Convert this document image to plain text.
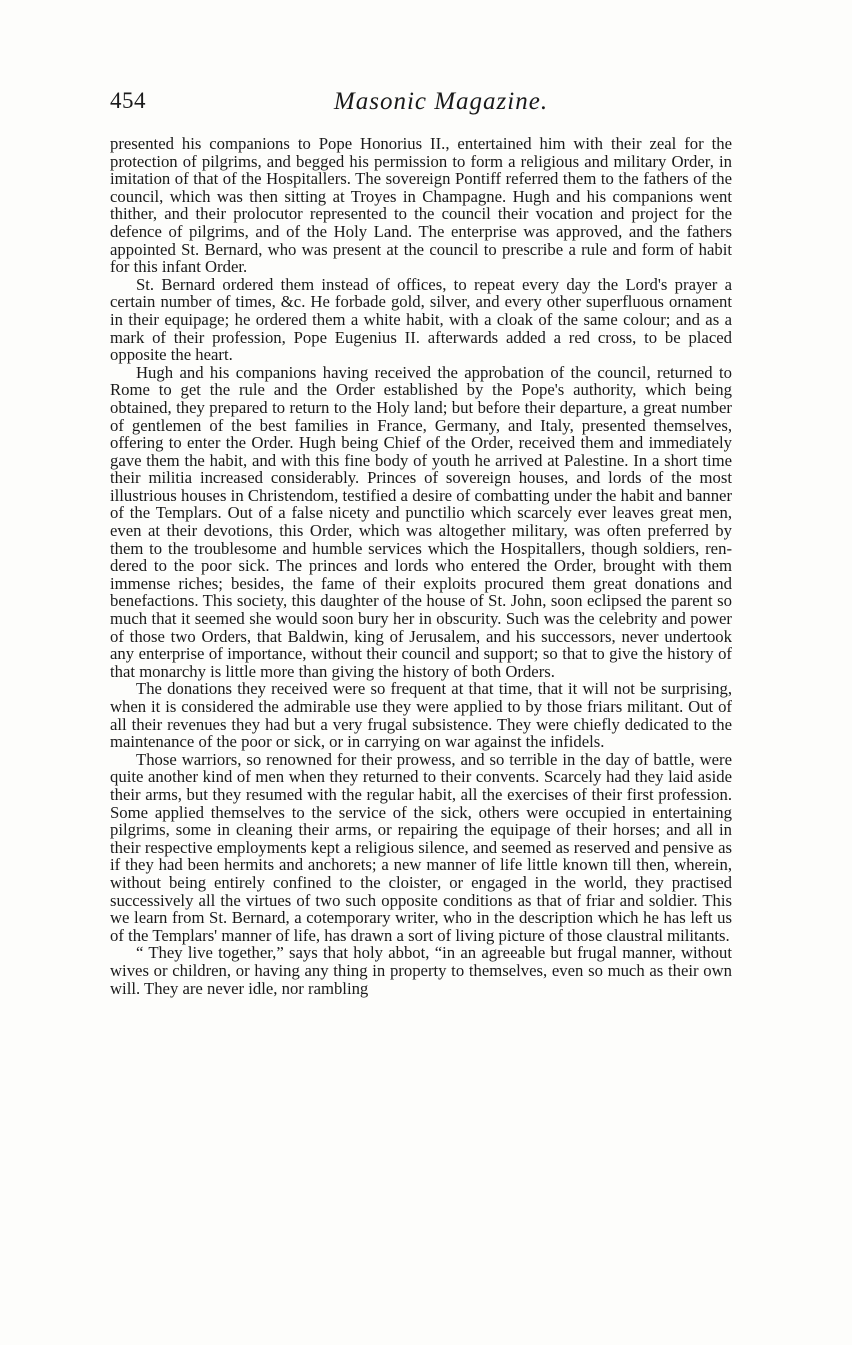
454	Masonic Magazine.

presented his companions to Pope Honorius II., entertained him with their zeal for the protection of pilgrims, and begged his permission to form a religious and military Order, in imitation of that of the Hospitallers. The sovereign Pontiff referred them to the fathers of the council, which was then sitting at Troyes in Champagne. Hugh and his companions went thither, and their prolocutor represented to the council their vocation and project for the defence of pilgrims, and of the Holy Land. The enterprise was approved, and the fathers appointed St. Bernard, who was present at the council to prescribe a rule and form of habit for this infant Order.

St. Bernard ordered them instead of offices, to repeat every day the Lord's prayer a certain number of times, &c. He forbade gold, silver, and every other superfluous ornament in their equipage; he ordered them a white habit, with a cloak of the same colour; and as a mark of their profession, Pope Eugenius II. afterwards added a red cross, to be placed opposite the heart.

Hugh and his companions having received the approbation of the council, returned to Rome to get the rule and the Order established by the Pope's authority, which being obtained, they prepared to return to the Holy land; but before their departure, a great number of gentlemen of the best families in France, Germany, and Italy, presented themselves, offering to enter the Order. Hugh being Chief of the Order, received them and immediately gave them the habit, and with this fine body of youth he arrived at Palestine. In a short time their militia increased considerably. Princes of sovereign houses, and lords of the most illustrious houses in Christendom, testified a desire of combatting under the habit and banner of the Templars. Out of a false nicety and punctilio which scarcely ever leaves great men, even at their devotions, this Order, which was altogether military, was often preferred by them to the troublesome and humble services which the Hospitallers, though soldiers, rendered to the poor sick. The princes and lords who entered the Order, brought with them immense riches; besides, the fame of their exploits procured them great donations and benefactions. This society, this daughter of the house of St. John, soon eclipsed the parent so much that it seemed she would soon bury her in obscurity. Such was the celebrity and power of those two Orders, that Baldwin, king of Jerusalem, and his successors, never undertook any enterprise of importance, without their council and support; so that to give the history of that monarchy is little more than giving the history of both Orders.

The donations they received were so frequent at that time, that it will not be surprising, when it is considered the admirable use they were applied to by those friars militant. Out of all their revenues they had but a very frugal subsistence. They were chiefly dedicated to the maintenance of the poor or sick, or in carrying on war against the infidels.

Those warriors, so renowned for their prowess, and so terrible in the day of battle, were quite another kind of men when they returned to their convents. Scarcely had they laid aside their arms, but they resumed with the regular habit, all the exercises of their first profession. Some applied themselves to the service of the sick, others were occupied in entertaining pilgrims, some in cleaning their arms, or repairing the equipage of their horses; and all in their respective employments kept a religious silence, and seemed as reserved and pensive as if they had been hermits and anchorets; a new manner of life little known till then, wherein, without being entirely confined to the cloister, or engaged in the world, they practised successively all the virtues of two such opposite conditions as that of friar and soldier. This we learn from St. Bernard, a cotemporary writer, who in the description which he has left us of the Templars' manner of life, has drawn a sort of living picture of those claustral militants.

“ They live together,” says that holy abbot, “in an agreeable but frugal manner, without wives or children, or having any thing in property to themselves, even so much as their own will. They are never idle, nor rambling
